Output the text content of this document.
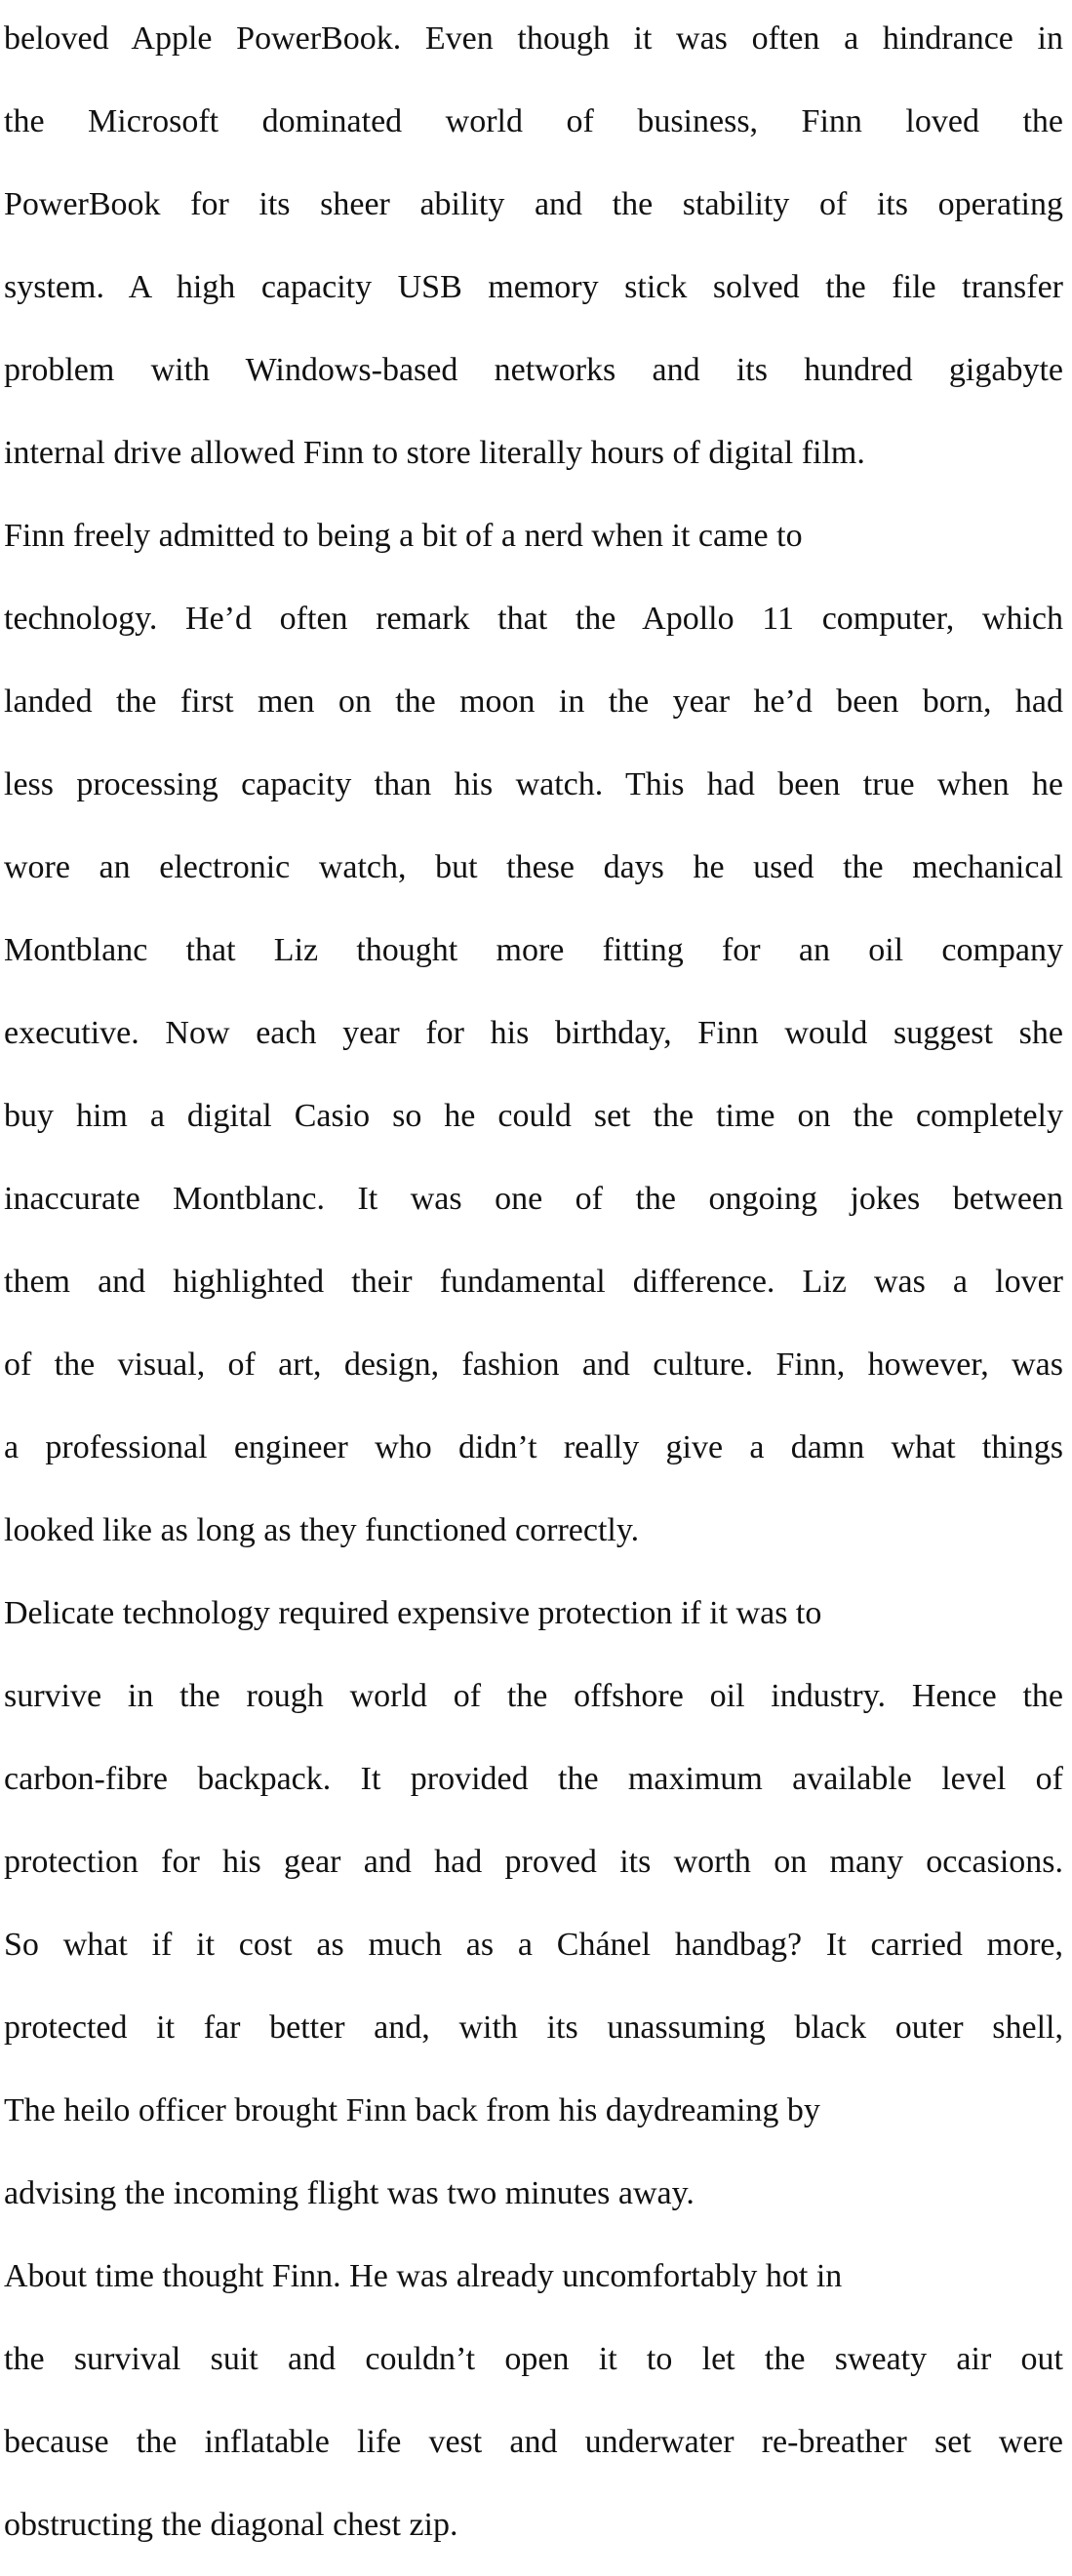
beloved Apple PowerBook. Even though it was often a hindrance in
the Microsoft dominated world of business, Finn loved the
PowerBook for its sheer ability and the stability of its operating
system. A high capacity USB memory stick solved the file transfer
problem with Windows-based networks and its hundred gigabyte
internal drive allowed Finn to store literally hours of digital film.
Finn freely admitted to being a bit of a nerd when it came to
technology. He’d often remark that the Apollo 11 computer, which
landed the first men on the moon in the year he’d been born, had
less processing capacity than his watch. This had been true when he
wore an electronic watch, but these days he used the mechanical
Montblanc that Liz thought more fitting for an oil company
executive. Now each year for his birthday, Finn would suggest she
buy him a digital Casio so he could set the time on the completely
inaccurate Montblanc. It was one of the ongoing jokes between
them and highlighted their fundamental difference. Liz was a lover
of the visual, of art, design, fashion and culture. Finn, however, was
a professional engineer who didn’t really give a damn what things
looked like as long as they functioned correctly.
Delicate technology required expensive protection if it was to
survive in the rough world of the offshore oil industry. Hence the
carbon-fibre backpack. It provided the maximum available level of
protection for his gear and had proved its worth on many occasions.
So what if it cost as much as a Chánel handbag? It carried more,
protected it far better and, with its unassuming black outer shell,
The heilo officer brought Finn back from his daydreaming by
advising the incoming flight was two minutes away.
About time thought Finn. He was already uncomfortably hot in
the survival suit and couldn’t open it to let the sweaty air out
because the inflatable life vest and underwater re-breather set were
obstructing the diagonal chest zip.
